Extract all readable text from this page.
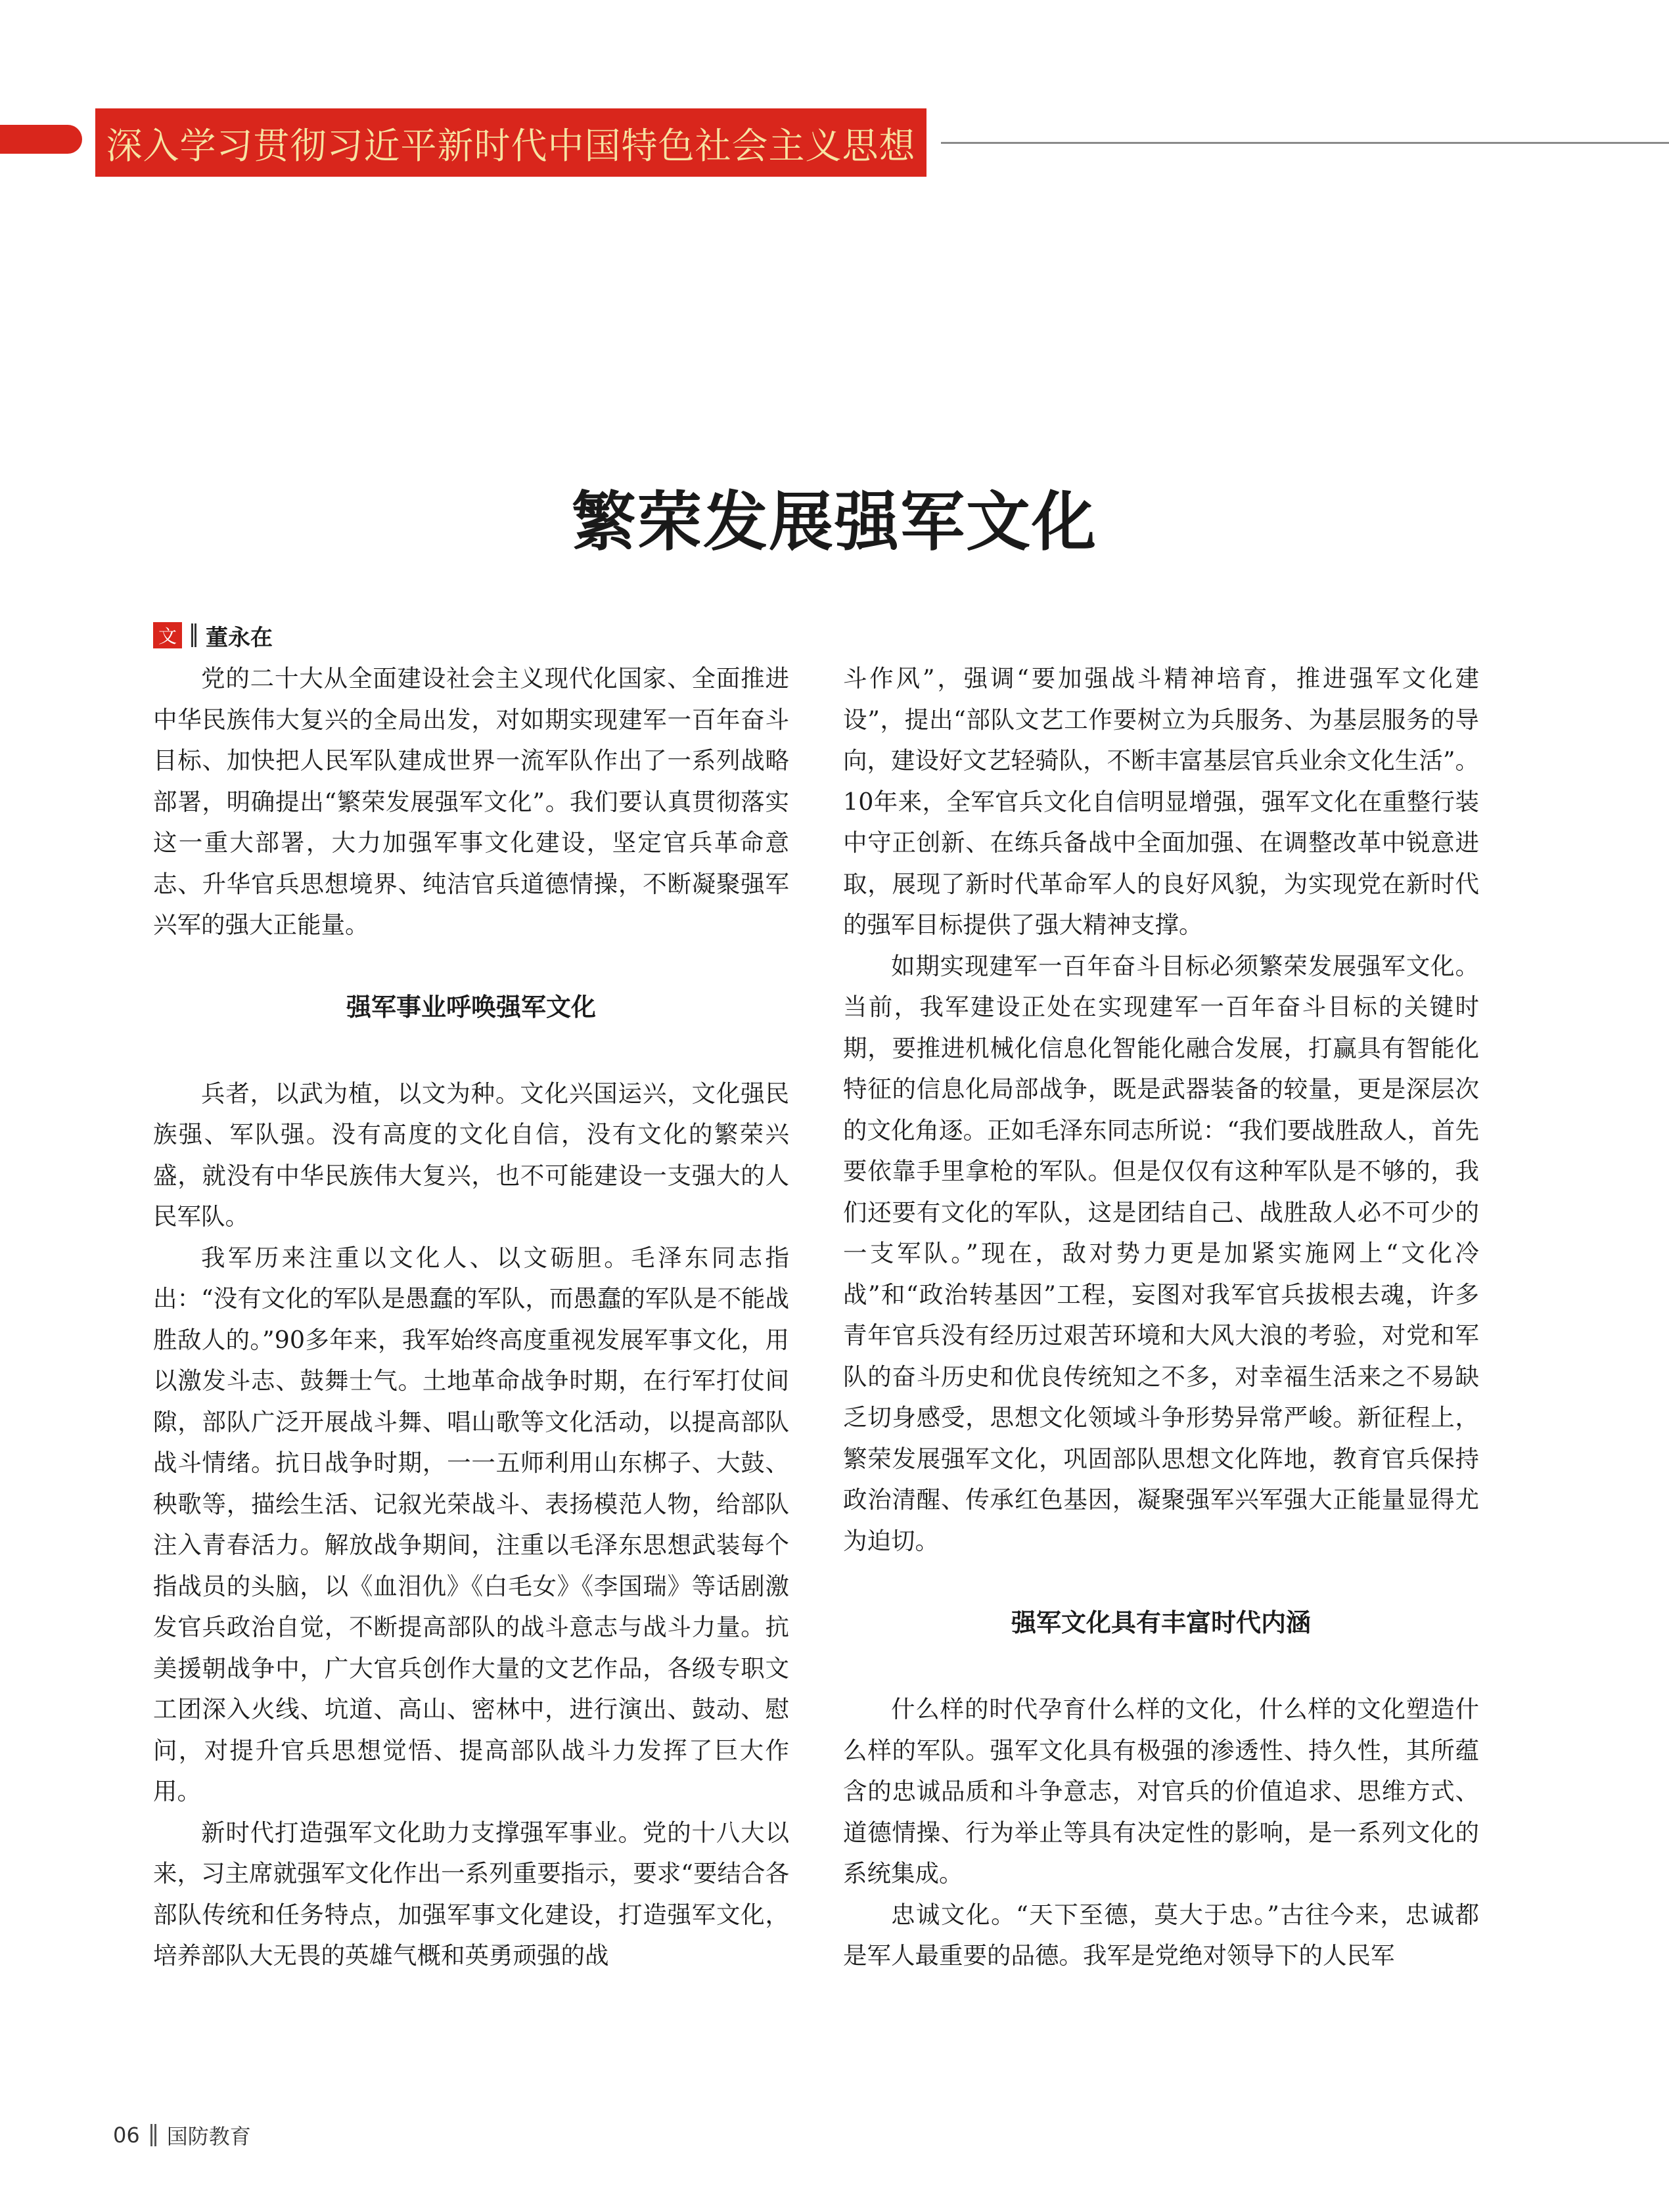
深入学习贯彻习近平新时代中国特色社会主义思想
繁荣发展强军文化
文 董永在

党的二十大从全面建设社会主义现代化国家、全面推进中华民族伟大复兴的全局出发，对如期实现建军一百年奋斗目标、加快把人民军队建成世界一流军队作出了一系列战略部署，明确提出“繁荣发展强军文化”。我们要认真贯彻落实这一重大部署，大力加强军事文化建设，坚定官兵革命意志、升华官兵思想境界、纯洁官兵道德情操，不断凝聚强军兴军的强大正能量。

强军事业呼唤强军文化

兵者，以武为植，以文为种。文化兴国运兴，文化强民族强、军队强。没有高度的文化自信，没有文化的繁荣兴盛，就没有中华民族伟大复兴，也不可能建设一支强大的人民军队。

我军历来注重以文化人、以文砺胆。毛泽东同志指出：“没有文化的军队是愚蠢的军队，而愚蠢的军队是不能战胜敌人的。”90多年来，我军始终高度重视发展军事文化，用以激发斗志、鼓舞士气。土地革命战争时期，在行军打仗间隙，部队广泛开展战斗舞、唱山歌等文化活动，以提高部队战斗情绪。抗日战争时期，一一五师利用山东梆子、大鼓、秧歌等，描绘生活、记叙光荣战斗、表扬模范人物，给部队注入青春活力。解放战争期间，注重以毛泽东思想武装每个指战员的头脑，以《血泪仇》《白毛女》《李国瑞》等话剧激发官兵政治自觉，不断提高部队的战斗意志与战斗力量。抗美援朝战争中，广大官兵创作大量的文艺作品，各级专职文工团深入火线、坑道、高山、密林中，进行演出、鼓动、慰问，对提升官兵思想觉悟、提高部队战斗力发挥了巨大作用。

新时代打造强军文化助力支撑强军事业。党的十八大以来，习主席就强军文化作出一系列重要指示，要求“要结合各部队传统和任务特点，加强军事文化建设，打造强军文化，培养部队大无畏的英雄气概和英勇顽强的战

斗作风”，强调“要加强战斗精神培育，推进强军文化建设”，提出“部队文艺工作要树立为兵服务、为基层服务的导向，建设好文艺轻骑队，不断丰富基层官兵业余文化生活”。10年来，全军官兵文化自信明显增强，强军文化在重整行装中守正创新、在练兵备战中全面加强、在调整改革中锐意进取，展现了新时代革命军人的良好风貌，为实现党在新时代的强军目标提供了强大精神支撑。

如期实现建军一百年奋斗目标必须繁荣发展强军文化。当前，我军建设正处在实现建军一百年奋斗目标的关键时期，要推进机械化信息化智能化融合发展，打赢具有智能化特征的信息化局部战争，既是武器装备的较量，更是深层次的文化角逐。正如毛泽东同志所说：“我们要战胜敌人，首先要依靠手里拿枪的军队。但是仅仅有这种军队是不够的，我们还要有文化的军队，这是团结自己、战胜敌人必不可少的一支军队。”现在，敌对势力更是加紧实施网上“文化冷战”和“政治转基因”工程，妄图对我军官兵拔根去魂，许多青年官兵没有经历过艰苦环境和大风大浪的考验，对党和军队的奋斗历史和优良传统知之不多，对幸福生活来之不易缺乏切身感受，思想文化领域斗争形势异常严峻。新征程上，繁荣发展强军文化，巩固部队思想文化阵地，教育官兵保持政治清醒、传承红色基因，凝聚强军兴军强大正能量显得尤为迫切。

强军文化具有丰富时代内涵

什么样的时代孕育什么样的文化，什么样的文化塑造什么样的军队。强军文化具有极强的渗透性、持久性，其所蕴含的忠诚品质和斗争意志，对官兵的价值追求、思维方式、道德情操、行为举止等具有决定性的影响，是一系列文化的系统集成。

忠诚文化。“天下至德，莫大于忠。”古往今来，忠诚都是军人最重要的品德。我军是党绝对领导下的人民军

06 国防教育
